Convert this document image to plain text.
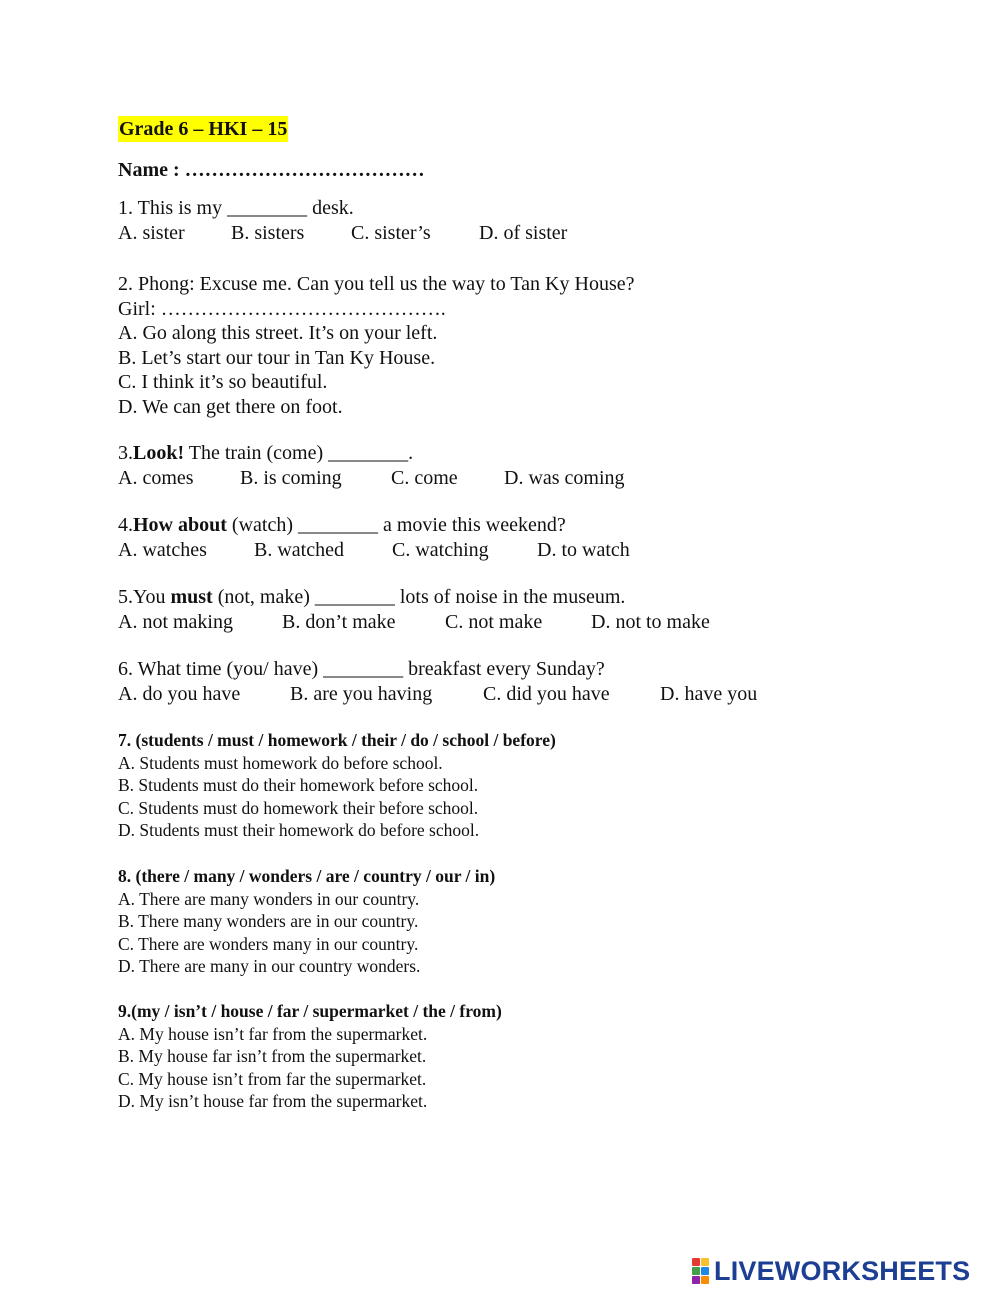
Grade 6 – HKI – 15
Name : ………………………………
1. This is my ________ desk.
A. sister	B. sisters	C. sister’s	D. of sister
2. Phong: Excuse me. Can you tell us the way to Tan Ky House?
Girl: …………………………………….
A. Go along this street. It’s on your left.
B. Let’s start our tour in Tan Ky House.
C. I think it’s so beautiful.
D. We can get there on foot.
3.Look! The train (come) ________.
A. comes	B. is coming	C. come	D. was coming
4.How about (watch) ________ a movie this weekend?
A. watches	B. watched	C. watching	D. to watch
5.You must (not, make) ________ lots of noise in the museum.
A. not making	B. don’t make	C. not make	D. not to make
6. What time (you/ have) ________ breakfast every Sunday?
A. do you have	B. are you having	C. did you have	D. have you
7. (students / must / homework / their / do / school / before)
A. Students must homework do before school.
B. Students must do their homework before school.
C. Students must do homework their before school.
D. Students must their homework do before school.
8. (there / many / wonders / are / country / our / in)
A. There are many wonders in our country.
B. There many wonders are in our country.
C. There are wonders many in our country.
D. There are many in our country wonders.
9.(my / isn’t / house / far / supermarket / the / from)
A. My house isn’t far from the supermarket.
B. My house far isn’t from the supermarket.
C. My house isn’t from far the supermarket.
D. My isn’t house far from the supermarket.
LIVEWORKSHEETS
